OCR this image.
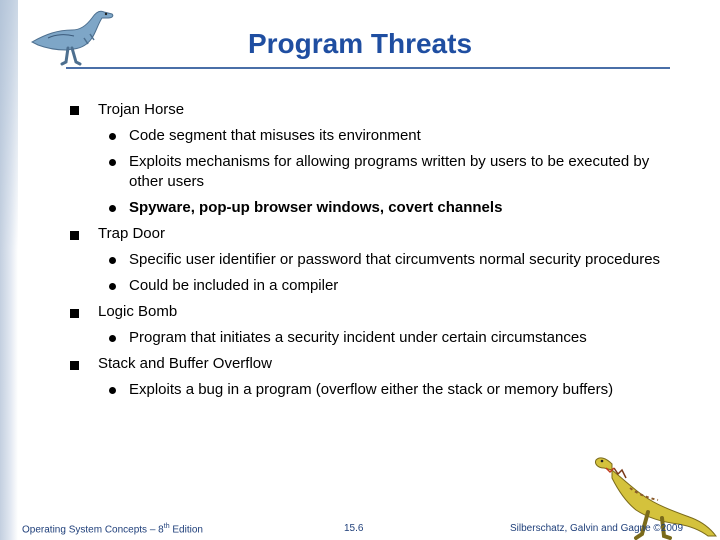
Program Threats
Trojan Horse
Code segment that misuses its environment
Exploits mechanisms for allowing programs written by users to be executed by
other users
Spyware, pop-up browser windows, covert channels
Trap Door
Specific user identifier or password that circumvents normal security procedures
Could be included in a compiler
Logic Bomb
Program that initiates a security incident under certain circumstances
Stack and Buffer Overflow
Exploits a bug in a program (overflow either the stack or memory buffers)
Operating System Concepts – 8th Edition	15.6	Silberschatz, Galvin and Gagne ©2009
